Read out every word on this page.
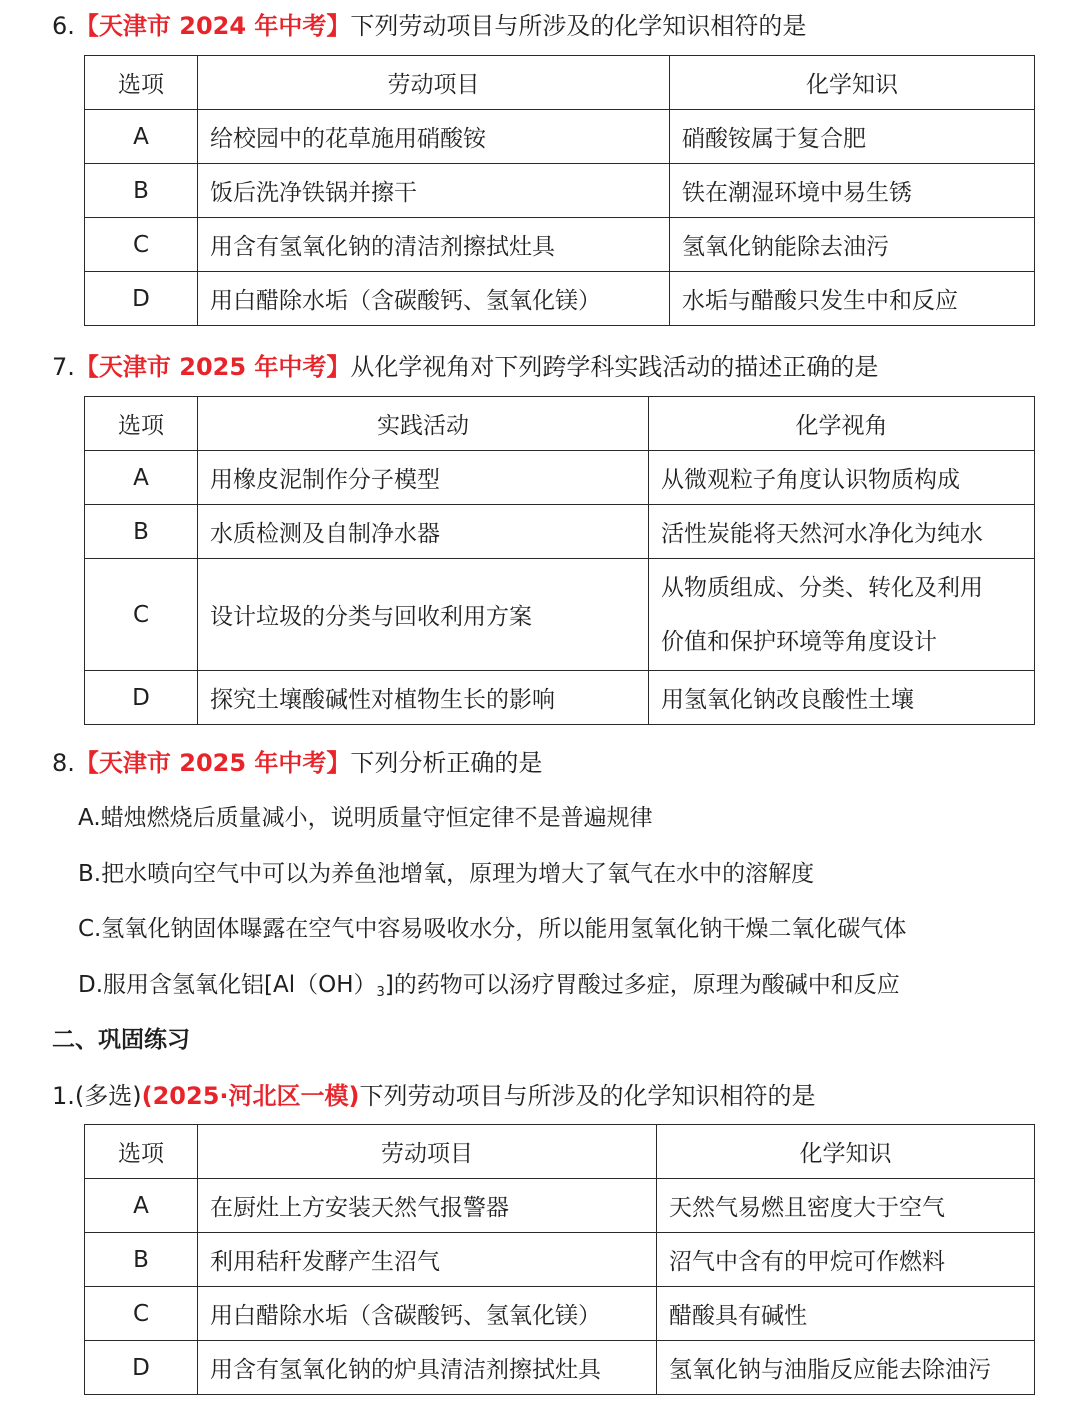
6.【天津市 2024 年中考】下列劳动项目与所涉及的化学知识相符的是
选项	劳动项目	化学知识
A	给校园中的花草施用硝酸铵	硝酸铵属于复合肥
B	饭后洗净铁锅并擦干	铁在潮湿环境中易生锈
C	用含有氢氧化钠的清洁剂擦拭灶具	氢氧化钠能除去油污
D	用白醋除水垢（含碳酸钙、氢氧化镁）	水垢与醋酸只发生中和反应
7.【天津市 2025 年中考】从化学视角对下列跨学科实践活动的描述正确的是
选项	实践活动	化学视角
A	用橡皮泥制作分子模型	从微观粒子角度认识物质构成
B	水质检测及自制净水器	活性炭能将天然河水净化为纯水
C	设计垃圾的分类与回收利用方案	从物质组成、分类、转化及利用
价值和保护环境等角度设计

D	探究土壤酸碱性对植物生长的影响	用氢氧化钠改良酸性土壤
8.【天津市 2025 年中考】下列分析正确的是
A.蜡烛燃烧后质量减小，说明质量守恒定律不是普遍规律
B.把水喷向空气中可以为养鱼池增氧，原理为增大了氧气在水中的溶解度
C.氢氧化钠固体曝露在空气中容易吸收水分，所以能用氢氧化钠干燥二氧化碳气体
D.服用含氢氧化铝$[Al(OH)_3]$的药物可以汤疗胃酸过多症，原理为酸碱中和反应
二、巩固练习
1.(多选)(2025·河北区一模)下列劳动项目与所涉及的化学知识相符的是
选项	劳动项目	化学知识
A	在厨灶上方安装天然气报警器	天然气易燃且密度大于空气
B	利用秸秆发酵产生沼气	沼气中含有的甲烷可作燃料
C	用白醋除水垢（含碳酸钙、氢氧化镁）	醋酸具有碱性
D	用含有氢氧化钠的炉具清洁剂擦拭灶具	氢氧化钠与油脂反应能去除油污
